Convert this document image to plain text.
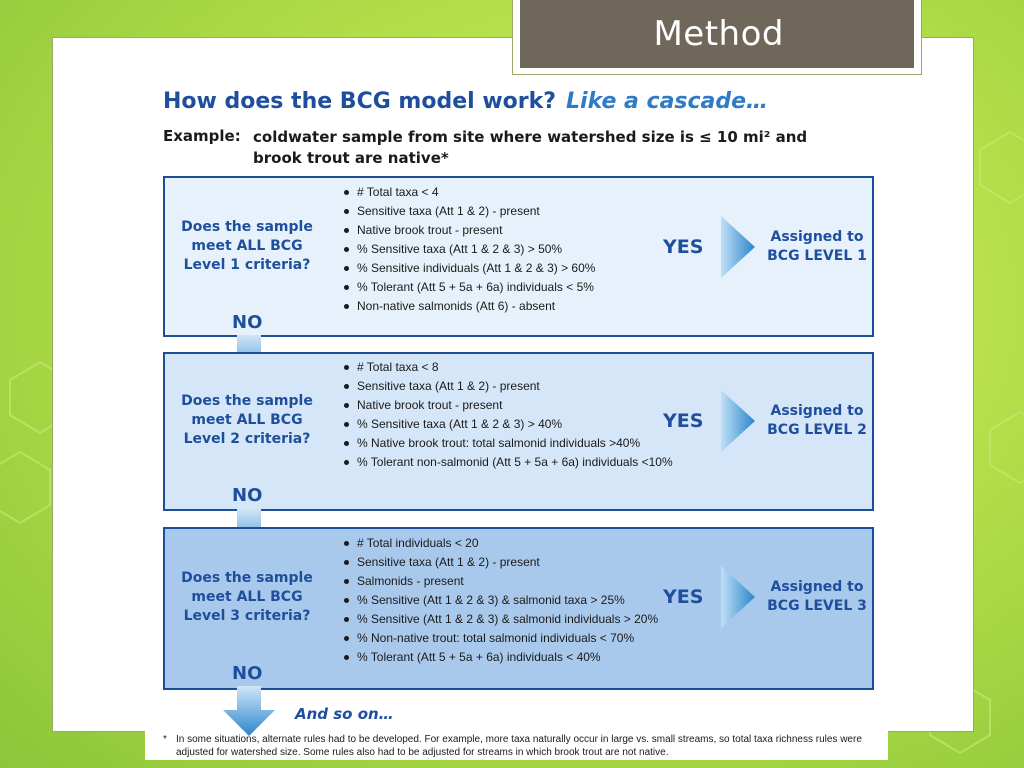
Method
How does the BCG model work? Like a cascade…
Example: coldwater sample from site where watershed size is ≤ 10 mi² and brook trout are native*
Does the sample meet ALL BCG Level 1 criteria?
# Total taxa < 4
Sensitive taxa (Att 1 & 2) - present
Native brook trout - present
% Sensitive taxa (Att 1 & 2 & 3) > 50%
% Sensitive individuals (Att 1 & 2 & 3) > 60%
% Tolerant (Att 5 + 5a + 6a) individuals < 5%
Non-native salmonids (Att 6) - absent
YES	Assigned to BCG LEVEL 1
NO
Does the sample meet ALL BCG Level 2 criteria?
# Total taxa < 8
Sensitive taxa (Att 1 & 2) - present
Native brook trout - present
% Sensitive taxa (Att 1 & 2 & 3) > 40%
% Native brook trout: total salmonid individuals >40%
% Tolerant non-salmonid (Att 5 + 5a + 6a) individuals <10%
YES	Assigned to BCG LEVEL 2
NO
Does the sample meet ALL BCG Level 3 criteria?
# Total individuals < 20
Sensitive taxa (Att 1 & 2) - present
Salmonids - present
% Sensitive (Att 1 & 2 & 3) & salmonid taxa > 25%
% Sensitive (Att 1 & 2 & 3) & salmonid individuals > 20%
% Non-native trout: total salmonid individuals < 70%
% Tolerant (Att 5 + 5a + 6a) individuals < 40%
YES	Assigned to BCG LEVEL 3
NO
And so on…
* In some situations, alternate rules had to be developed. For example, more taxa naturally occur in large vs. small streams, so total taxa richness rules were adjusted for watershed size. Some rules also had to be adjusted for streams in which brook trout are not native.
